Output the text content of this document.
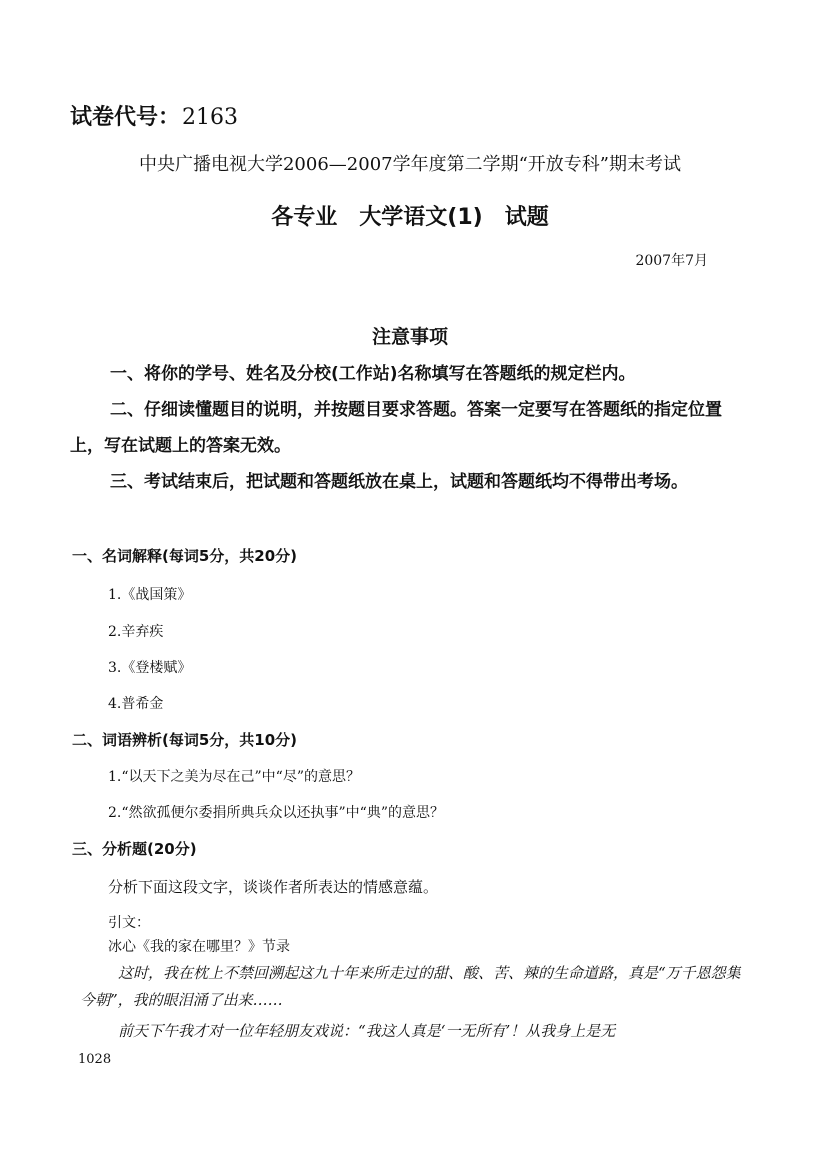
试卷代号：2163
中央广播电视大学2006—2007学年度第二学期“开放专科”期末考试
各专业　大学语文(1)　试题
2007年7月
注意事项
一、将你的学号、姓名及分校(工作站)名称填写在答题纸的规定栏内。
二、仔细读懂题目的说明，并按题目要求答题。答案一定要写在答题纸的指定位置上，写在试题上的答案无效。
三、考试结束后，把试题和答题纸放在桌上，试题和答题纸均不得带出考场。
一、名词解释(每词5分，共20分)
1.《战国策》
2.辛弃疾
3.《登楼赋》
4.普希金
二、词语辨析(每词5分，共10分)
1.“以天下之美为尽在己”中“尽”的意思？
2.“然欲孤便尔委捐所典兵众以还执事”中“典”的意思？
三、分析题(20分)
分析下面这段文字，谈谈作者所表达的情感意蕴。
引文：
冰心《我的家在哪里？》节录
这时，我在枕上不禁回溯起这九十年来所走过的甜、酸、苦、辣的生命道路，真是“万千恩怨集今朝”，我的眼泪涌了出来……
前天下午我才对一位年轻朋友戏说：“我这人真是‘一无所有’！从我身上是无
1028
